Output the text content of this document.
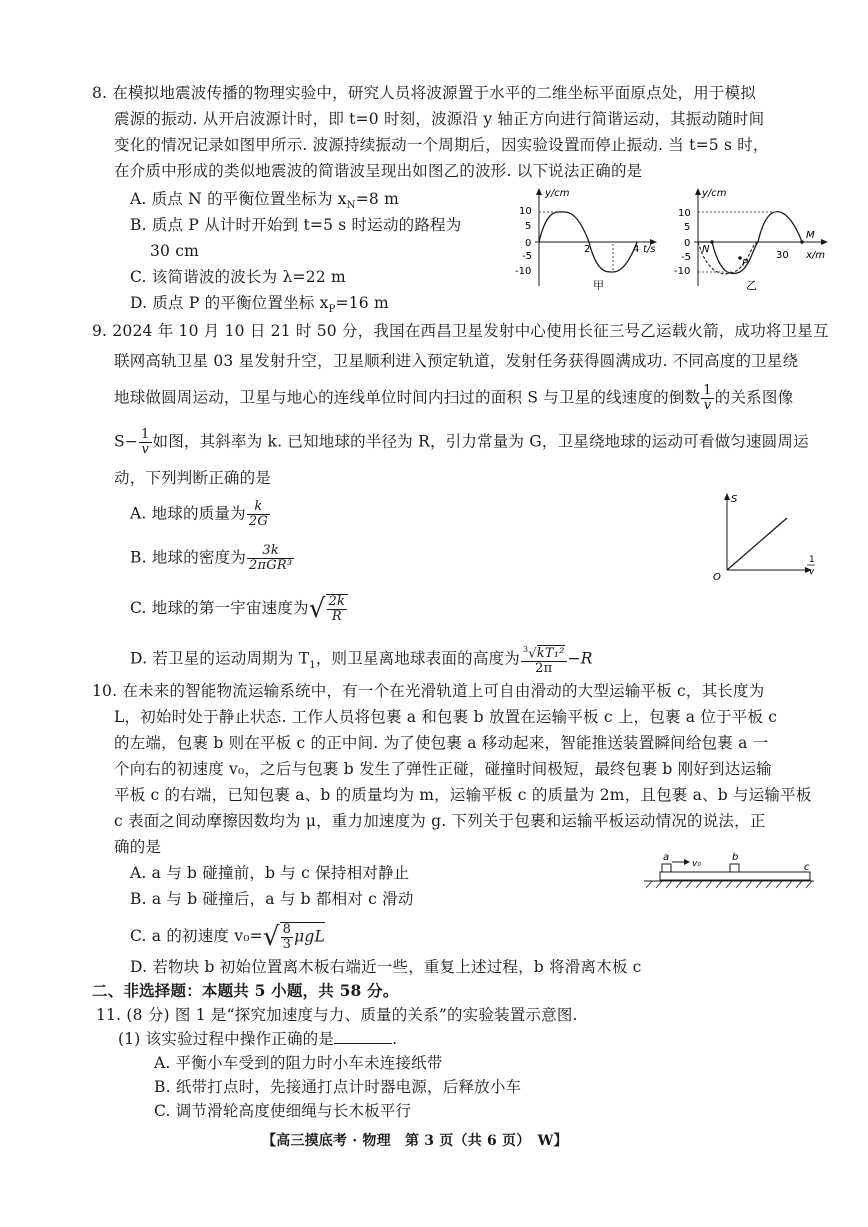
8. 在模拟地震波传播的物理实验中，研究人员将波源置于水平的二维坐标平面原点处，用于模拟
震源的振动. 从开启波源计时，即 t=0 时刻，波源沿 y 轴正方向进行简谐运动，其振动随时间
变化的情况记录如图甲所示. 波源持续振动一个周期后，因实验设置而停止振动. 当 t=5 s 时，
在介质中形成的类似地震波的简谐波呈现出如图乙的波形. 以下说法正确的是
A. 质点 N 的平衡位置坐标为 $x_N=8$ m
B. 质点 P 从计时开始到 t=5 s 时运动的路程为
30 cm
C. 该简谐波的波长为 λ=22 m
D. 质点 P 的平衡位置坐标 $x_P=16$ m
y/cm
t/s
10
5
0
-5
-10
2	4
甲
y/cm
x/m
10
5
0
-5
-10
30
N
P
M
乙
9. 2024 年 10 月 10 日 21 时 50 分，我国在西昌卫星发射中心使用长征三号乙运载火箭，成功将卫星互
联网高轨卫星 03 星发射升空，卫星顺利进入预定轨道，发射任务获得圆满成功. 不同高度的卫星绕
地球做圆周运动，卫星与地心的连线单位时间内扫过的面积 S 与卫星的线速度的倒数 $\frac{1}{v}$ 的关系图像
$S- \frac{1}{v}$ 如图，其斜率为 k. 已知地球的半径为 R，引力常量为 G，卫星绕地球的运动可看做匀速圆周运
动，下列判断正确的是
A. 地球的质量为 $\frac{k}{2G}$
B. 地球的密度为 $\frac{3k}{\text{2πGR³}}$
C. 地球的第一宇宙速度为√ $\frac{2k}{R}$
D. 若卫星的运动周期为 $T_1$，则卫星离地球表面的高度为 $\frac{^3√kT_1^2}{2\pi} -R$
S
O
1
v
10. 在未来的智能物流运输系统中，有一个在光滑轨道上可自由滑动的大型运输平板 c，其长度为
L，初始时处于静止状态. 工作人员将包裹 a 和包裹 b 放置在运输平板 c 上，包裹 a 位于平板 c
的左端，包裹 b 则在平板 c 的正中间. 为了使包裹 a 移动起来，智能推送装置瞬间给包裹 a 一
个向右的初速度 v₀，之后与包裹 b 发生了弹性正碰，碰撞时间极短，最终包裹 b 刚好到达运输
平板 c 的右端，已知包裹 a、b 的质量均为 m，运输平板 c 的质量为 2m，且包裹 a、b 与运输平板
c 表面之间动摩擦因数均为 μ，重力加速度为 g. 下列关于包裹和运输平板运动情况的说法，正
确的是
A. a 与 b 碰撞前，b 与 c 保持相对静止
B. a 与 b 碰撞后，a 与 b 都相对 c 滑动
C. a 的初速度 $v_0=√ \frac{8}{3}$ μgL
D. 若物块 b 初始位置离木板右端近一些，重复上述过程，b 将滑离木板 c
a
v₀
b
c
二、非选择题：本题共 5 小题，共 58 分。
11. (8 分) 图 1 是“探究加速度与力、质量的关系”的实验装置示意图.
(1) 该实验过程中操作正确的是	.
A. 平衡小车受到的阻力时小车未连接纸带
B. 纸带打点时，先接通打点计时器电源，后释放小车
C. 调节滑轮高度使细绳与长木板平行
【高三摸底考 · 物理　第 3 页（共 6 页）　W】
